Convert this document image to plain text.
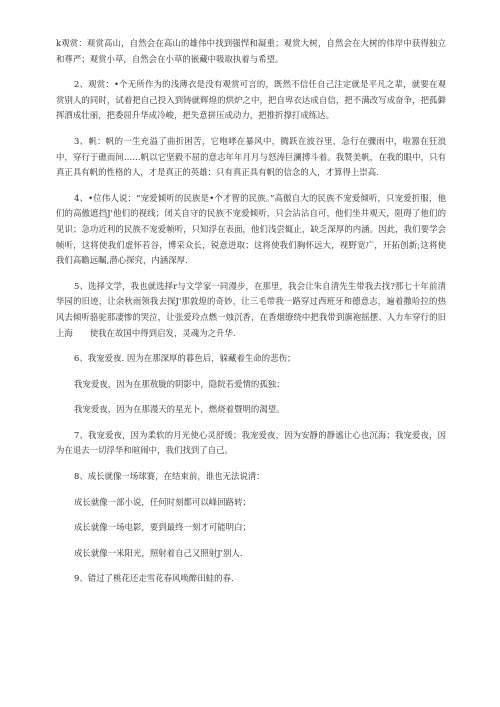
k观赏：观赏高山，自然会在高山的雄伟中找到强悍和凝重；观赏大树，自然会在大树的伟岸中获得独立和尊严；观赏小草，自然会在小草的嵌藏中吸取执着与希望。

2、观赏：•个无所作为的浅薄衣是没有观赏可言的，既然不信任自己注定就是平凡之辈，就要在观赏别人的同时，试着把自己投入到铸就辉煌的烘炉之中，把自卑衣达成自信，把不满改写成奋争，把孤僻挥洒成壮丽，把委屈升华成冷峻，把失意拼压成动力，把推折撑打成练达。

3、帆：帆的一生充溢了曲折困苦，它咆哮在暴风中，腾跃在波谷里，急行在骤雨中，啦嚣在狂浪中，穿行于礁而间……帆以它坚毅不屈的意志年年月月与怒涛巨澜搏斗着。我赞美帆，在我的眼中，只有真正具有帆的性格的人，才是真正的英雄：只有真正具有帆的信念的人，才算得上崇高.

4、•位伟人说：“宠爱倾听的民族是•个才智的民族。”高傲自大的民族不宠爱倾听，只宠爱折服，他们的高傲遮挡J'他们的视线；闭关自守的民族不宠爱倾听，只会沾沾自可，他们坐井观天，阻碍了他们的见识；急功近利的民族不宠爱帧听，只知浮在表面，他们浅尝辄止，缺乏深厚的内涵。因此，我们要学会帧听，这将使我们虚怀若谷，博采众长，锐意进取；这将使我们胸怀远大，视野宽广，开拓创新;这将使我们高瞻远瞩,潜心探究，内涵深厚.

5、选择文学，我也就选择r与文学家一同漫步，在那里，我会让朱自清先生带我去找?那七十年前清华园的旧迹，让余秋雨领我去探J'那敦煌的奇妙，让三毛带我一路穿过西班牙和德意志，遍着撒哈拉的热风去倾听骆驼那凄惨的哭泣，让张爱玲点燃一烛沉香，在香烟缭绕中把我带到旗袍摇摆、人力车穿行的旧上海　　使我在故国中得到启发，灵魂为之升华.

6、我宠爱夜. 因为在那深厚的暮色后，躲藏着生命的悲伤；

我宠爱夜，因为在那敖胧的阴影中，隐院若爱情的孤独；

我宠爱夜，因为在那漫天的星光卜，燃烧着暨明的渴望。

7、我宠爱夜，因为柔软的月光使心灵舒缓；我宠爱夜，因为安静的静谧让心也沉海；我宠爱夜，因为在退去一切浮华和暄闹中，我们找到了自己。

8、成长就像一场球赛，在结束前，谁也无法说清：

成长就像一部小说，任何时刻都可以峰回路转；

成长就像一场电影，要到最终一刻才可能明白；

成长就像一米阳光，照射着自己又照射J'别人.

9、错过了桃花还走雪花春风唤醉田蛙的春.
